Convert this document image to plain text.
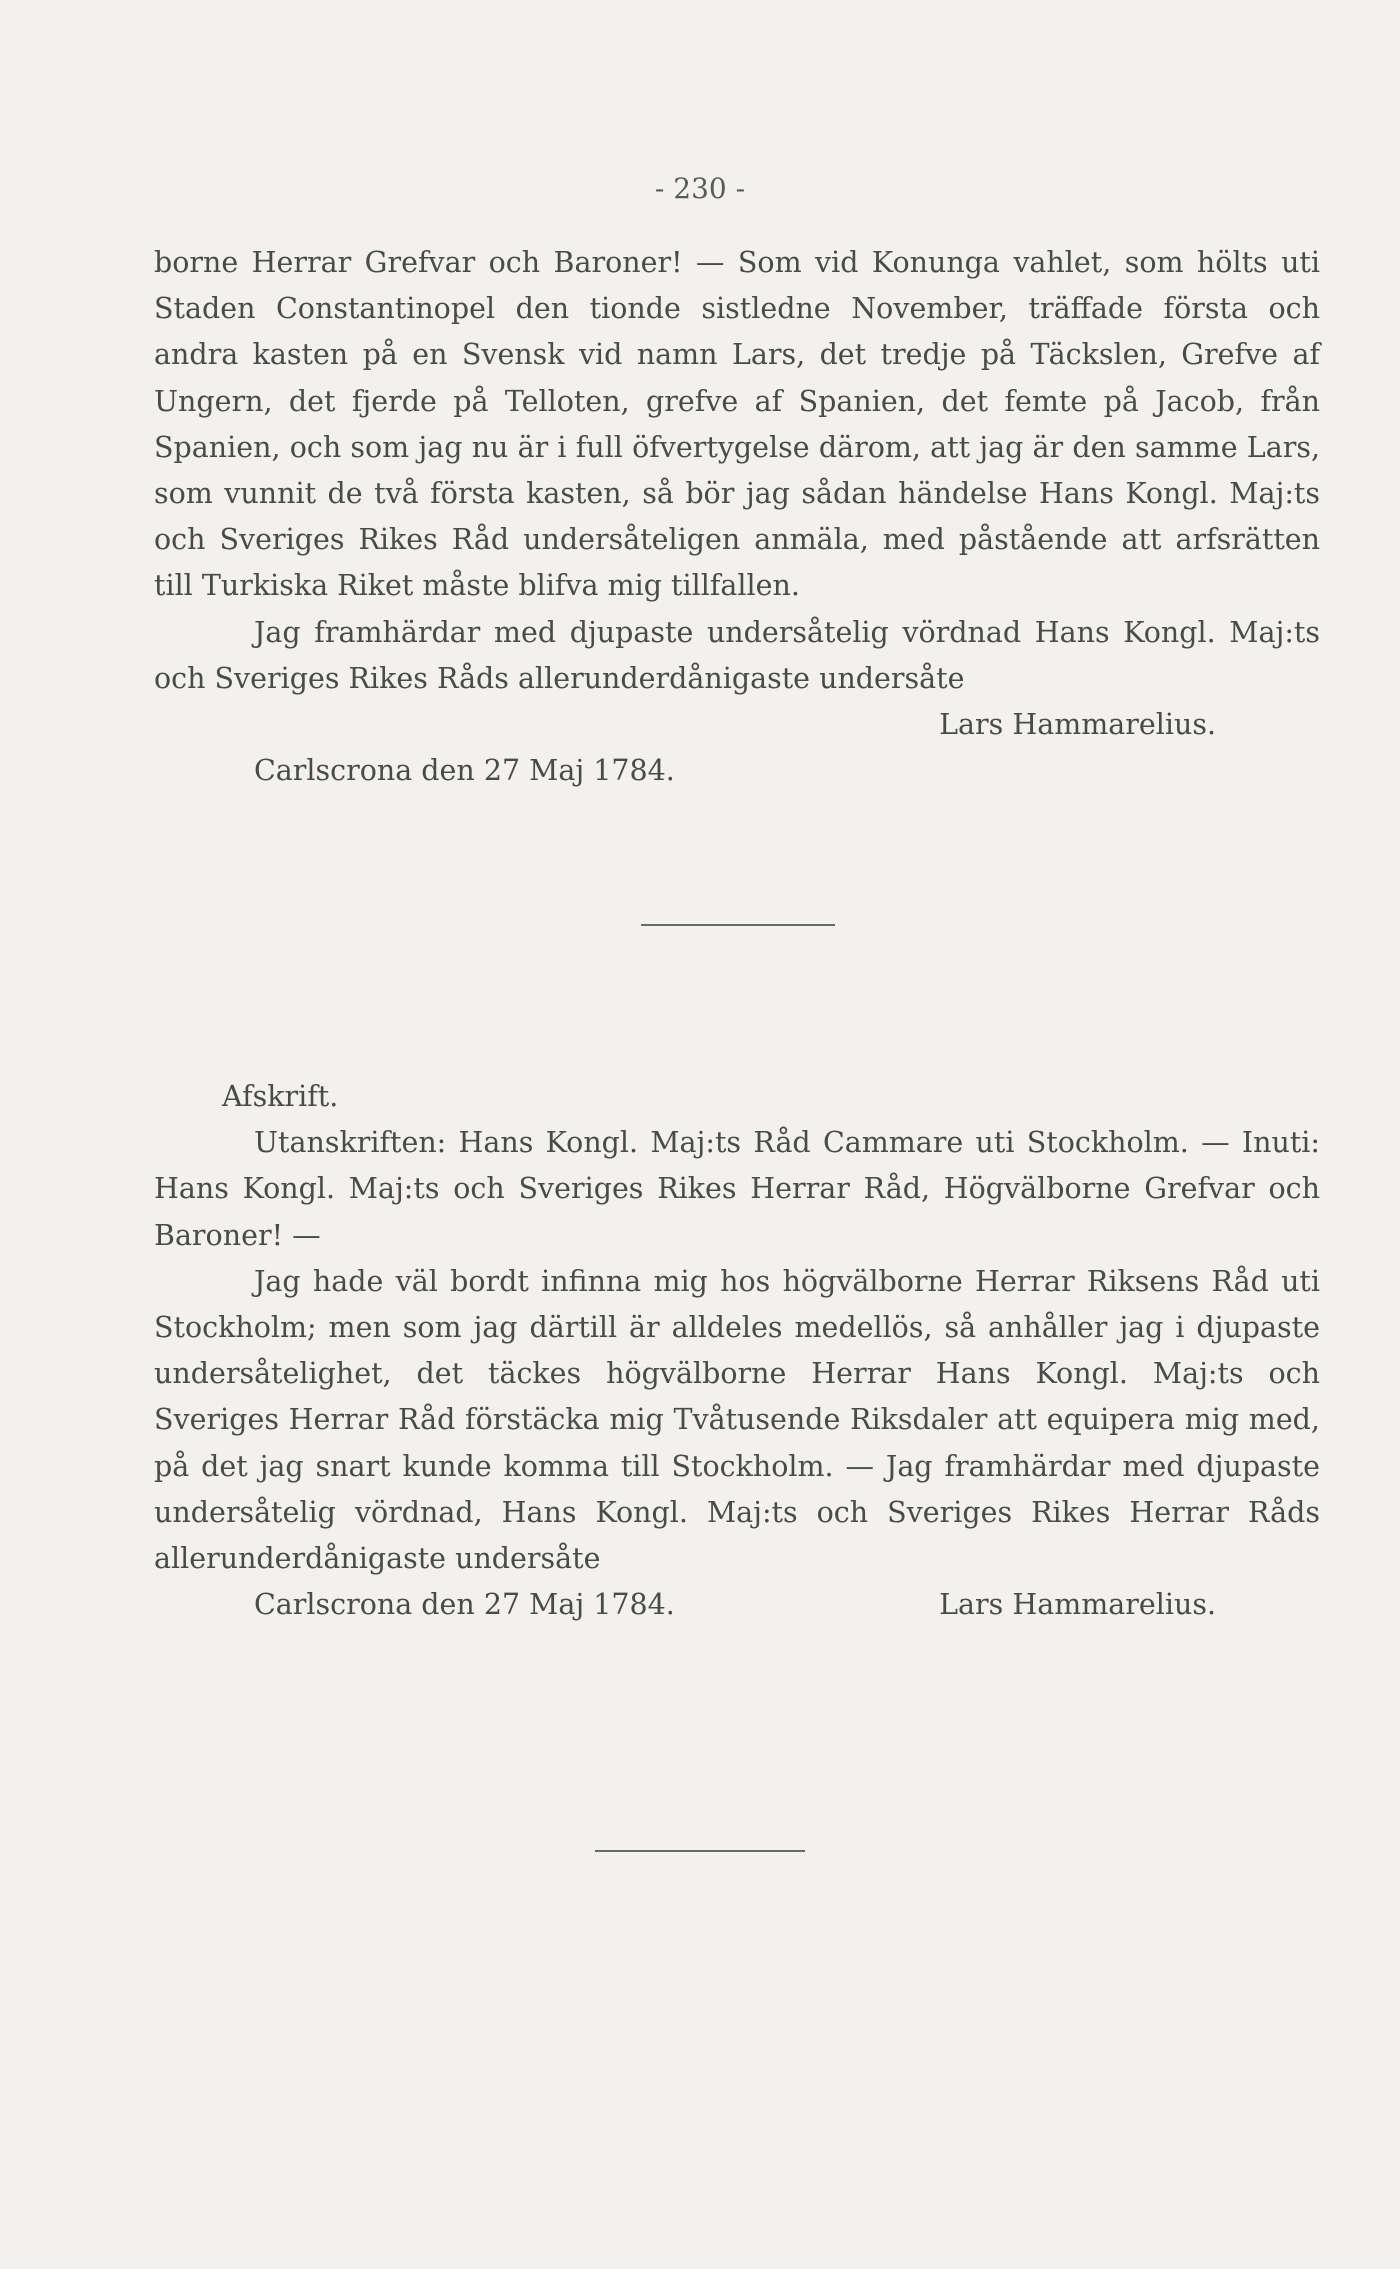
- 230 -

borne Herrar Grefvar och Baroner! — Som vid Konunga vahlet, som hölts uti Staden Constantinopel den tionde sistledne November, träffade första och andra kasten på en Svensk vid namn Lars, det tredje på Täckslen, Grefve af Ungern, det fjerde på Telloten, grefve af Spanien, det femte på Jacob, från Spanien, och som jag nu är i full öfvertygelse därom, att jag är den samme Lars, som vunnit de två första kasten, så bör jag sådan händelse Hans Kongl. Maj:ts och Sveriges Rikes Råd undersåteligen anmäla, med påstående att arfsrätten till Turkiska Riket måste blifva mig tillfallen.

Jag framhärdar med djupaste undersåtelig vördnad Hans Kongl. Maj:ts och Sveriges Rikes Råds allerunderdånigaste undersåte

Lars Hammarelius.

Carlscrona den 27 Maj 1784.

Afskrift.

Utanskriften: Hans Kongl. Maj:ts Råd Cammare uti Stockholm. — Inuti: Hans Kongl. Maj:ts och Sveriges Rikes Herrar Råd, Högvälborne Grefvar och Baroner! —

Jag hade väl bordt infinna mig hos högvälborne Herrar Riksens Råd uti Stockholm; men som jag därtill är alldeles medellös, så anhåller jag i djupaste undersåtelighet, det täckes högvälborne Herrar Hans Kongl. Maj:ts och Sveriges Herrar Råd förstäcka mig Tvåtusende Riksdaler att equipera mig med, på det jag snart kunde komma till Stockholm. — Jag framhärdar med djupaste undersåtelig vördnad, Hans Kongl. Maj:ts och Sveriges Rikes Herrar Råds allerunderdånigaste undersåte

Carlscrona den 27 Maj 1784.	Lars Hammarelius.
